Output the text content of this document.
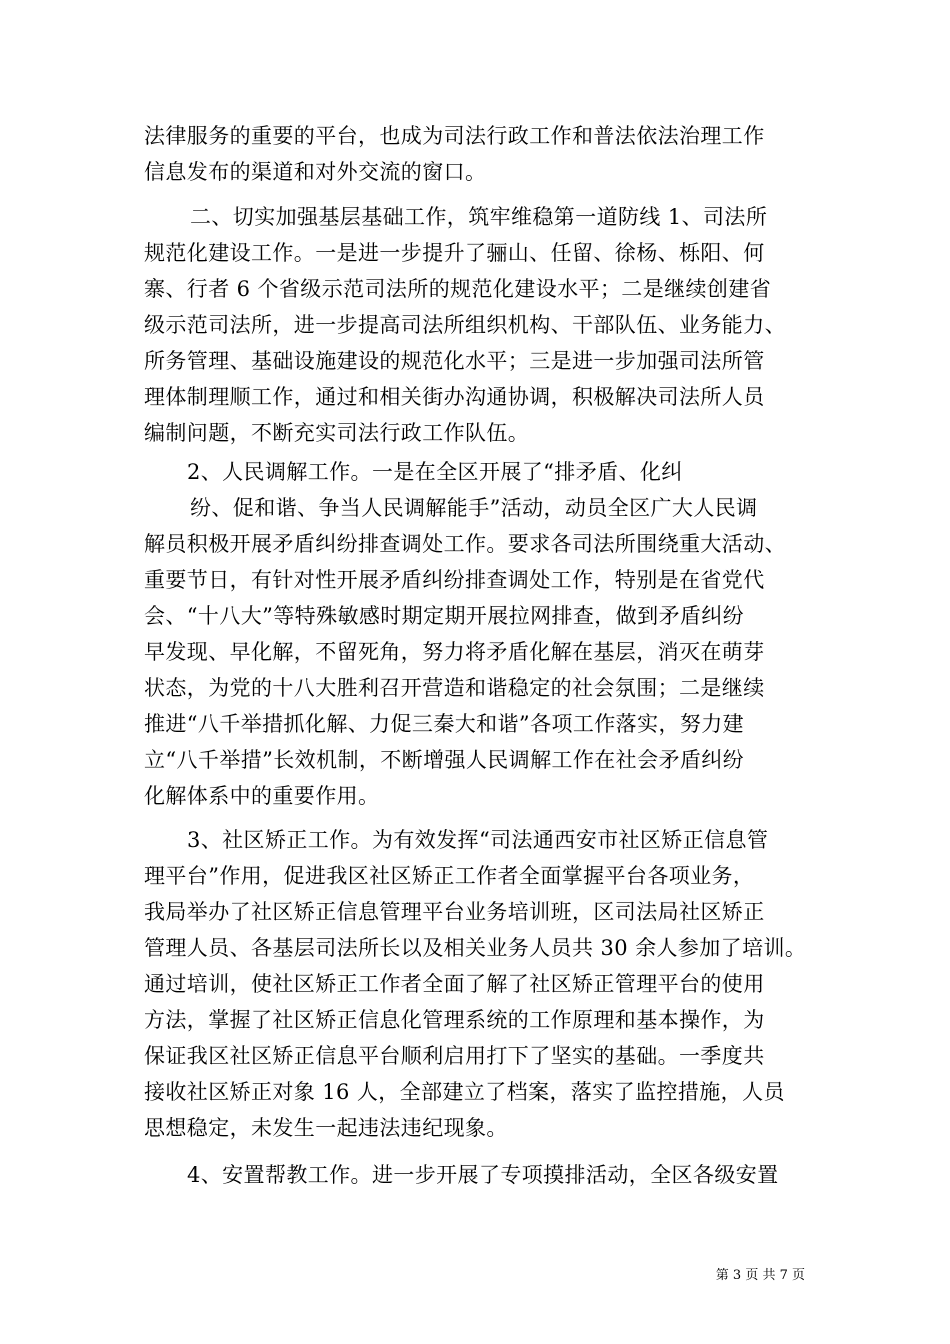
法律服务的重要的平台，也成为司法行政工作和普法依法治理工作
信息发布的渠道和对外交流的窗口。
二、切实加强基层基础工作，筑牢维稳第一道防线 1、司法所
规范化建设工作。一是进一步提升了骊山、任留、徐杨、栎阳、何
寨、行者 6 个省级示范司法所的规范化建设水平；二是继续创建省
级示范司法所，进一步提高司法所组织机构、干部队伍、业务能力、
所务管理、基础设施建设的规范化水平；三是进一步加强司法所管
理体制理顺工作，通过和相关街办沟通协调，积极解决司法所人员
编制问题，不断充实司法行政工作队伍。
2、人民调解工作。一是在全区开展了“排矛盾、化纠
纷、促和谐、争当人民调解能手”活动，动员全区广大人民调
解员积极开展矛盾纠纷排查调处工作。要求各司法所围绕重大活动、
重要节日，有针对性开展矛盾纠纷排查调处工作，特别是在省党代
会、“十八大”等特殊敏感时期定期开展拉网排查，做到矛盾纠纷
早发现、早化解，不留死角，努力将矛盾化解在基层，消灭在萌芽
状态，为党的十八大胜利召开营造和谐稳定的社会氛围；二是继续
推进“八千举措抓化解、力促三秦大和谐”各项工作落实，努力建
立“八千举措”长效机制，不断增强人民调解工作在社会矛盾纠纷
化解体系中的重要作用。
3、社区矫正工作。为有效发挥“司法通西安市社区矫正信息管
理平台”作用，促进我区社区矫正工作者全面掌握平台各项业务，
我局举办了社区矫正信息管理平台业务培训班，区司法局社区矫正
管理人员、各基层司法所长以及相关业务人员共 30 余人参加了培训。
通过培训，使社区矫正工作者全面了解了社区矫正管理平台的使用
方法，掌握了社区矫正信息化管理系统的工作原理和基本操作，为
保证我区社区矫正信息平台顺利启用打下了坚实的基础。一季度共
接收社区矫正对象 16 人，全部建立了档案，落实了监控措施，人员
思想稳定，未发生一起违法违纪现象。
4、安置帮教工作。进一步开展了专项摸排活动，全区各级安置
第 3 页 共 7 页
